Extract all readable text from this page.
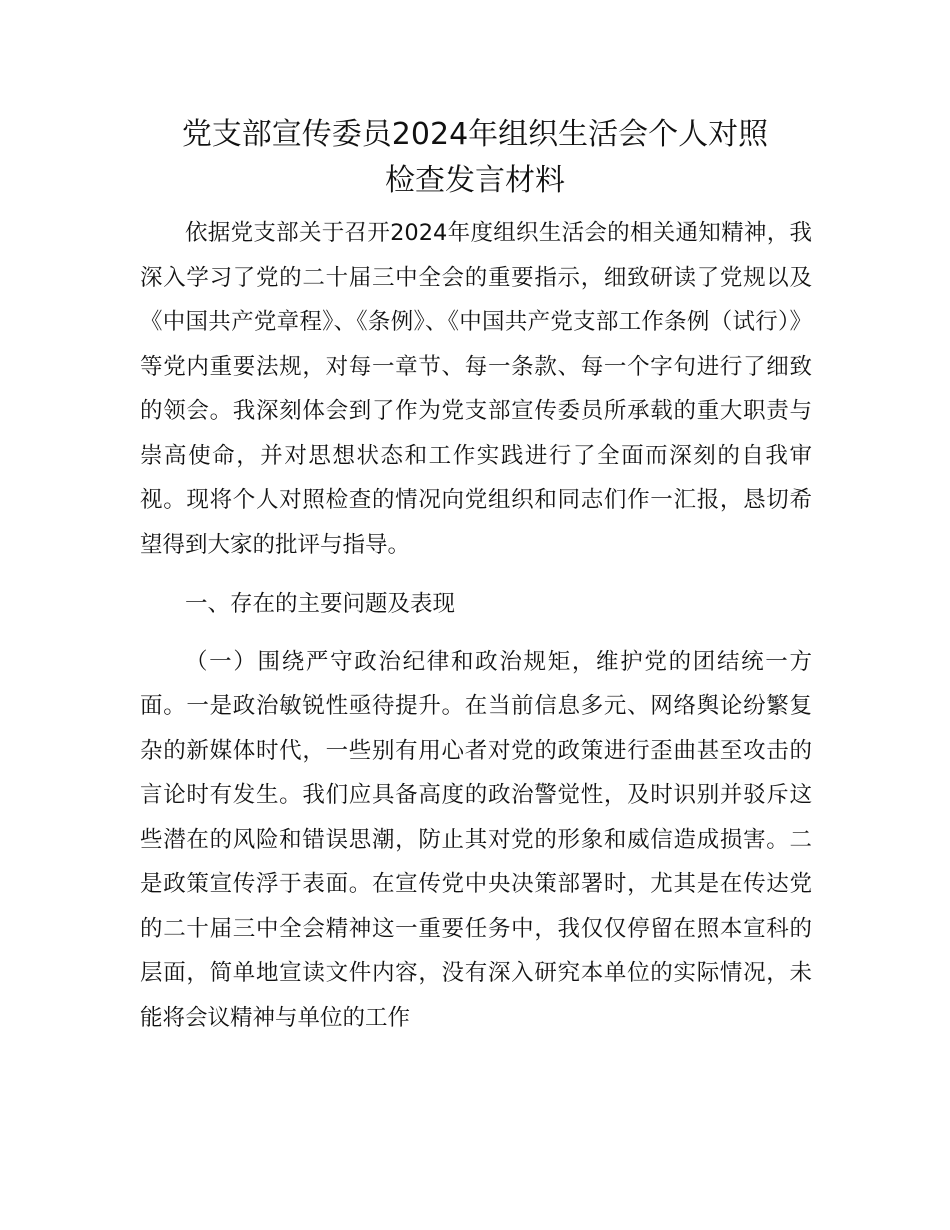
党支部宣传委员2024年组织生活会个人对照
检查发言材料

依据党支部关于召开2024年度组织生活会的相关通知精神，我深入学习了党的二十届三中全会的重要指示，细致研读了党规以及《中国共产党章程》、《条例》、《中国共产党支部工作条例（试行）》等党内重要法规，对每一章节、每一条款、每一个字句进行了细致的领会。我深刻体会到了作为党支部宣传委员所承载的重大职责与崇高使命，并对思想状态和工作实践进行了全面而深刻的自我审视。现将个人对照检查的情况向党组织和同志们作一汇报，恳切希望得到大家的批评与指导。

一、存在的主要问题及表现

（一）围绕严守政治纪律和政治规矩，维护党的团结统一方面。一是政治敏锐性亟待提升。在当前信息多元、网络舆论纷繁复杂的新媒体时代，一些别有用心者对党的政策进行歪曲甚至攻击的言论时有发生。我们应具备高度的政治警觉性，及时识别并驳斥这些潜在的风险和错误思潮，防止其对党的形象和威信造成损害。二是政策宣传浮于表面。在宣传党中央决策部署时，尤其是在传达党的二十届三中全会精神这一重要任务中，我仅仅停留在照本宣科的层面，简单地宣读文件内容，没有深入研究本单位的实际情况，未能将会议精神与单位的工作
